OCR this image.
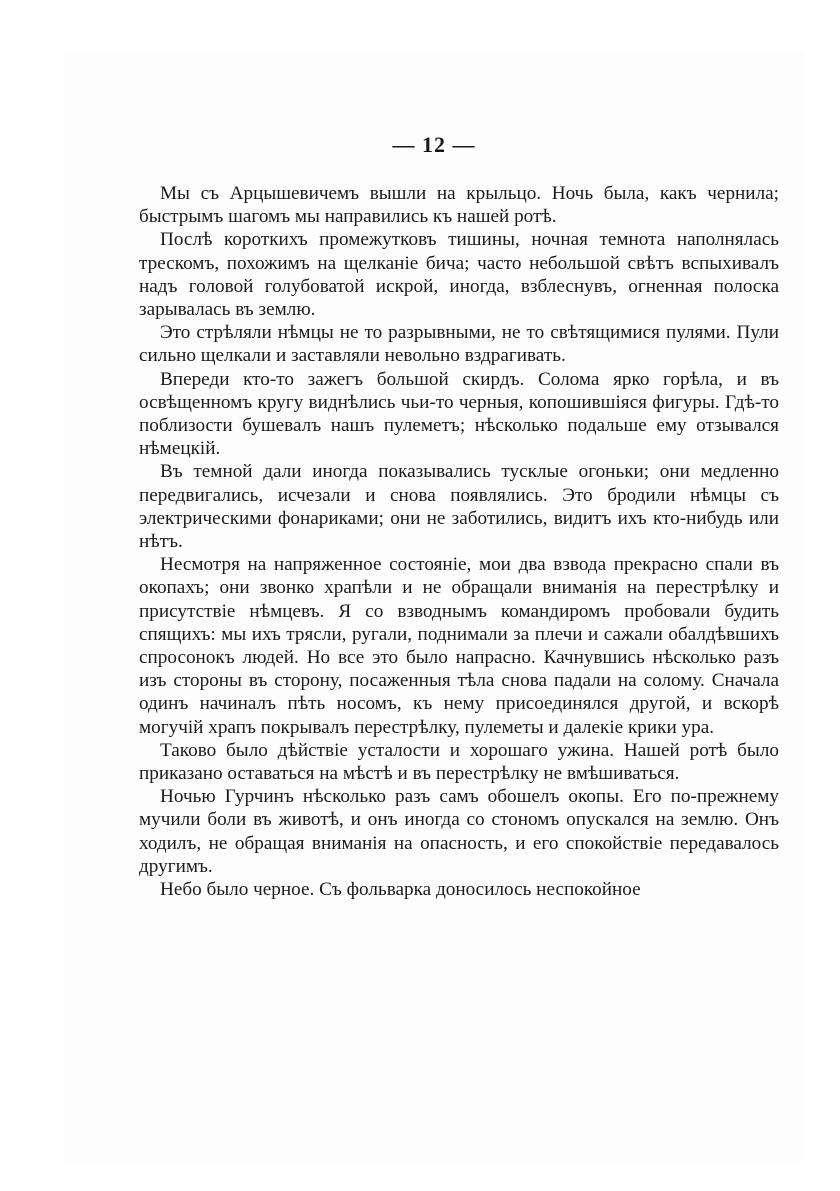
— 12 —

Мы съ Арцышевичемъ вышли на крыльцо. Ночь была, какъ чернила; быстрымъ шагомъ мы направились къ нашей ротѣ.

Послѣ короткихъ промежутковъ тишины, ночная темнота наполнялась трескомъ, похожимъ на щелканіе бича; часто небольшой свѣтъ вспыхивалъ надъ головой голубоватой искрой, иногда, взблеснувъ, огненная полоска зарывалась въ землю.

Это стрѣляли нѣмцы не то разрывными, не то свѣтящимися пулями. Пули сильно щелкали и заставляли невольно вздрагивать.

Впереди кто-то зажегъ большой скирдъ. Солома ярко горѣла, и въ освѣщенномъ кругу виднѣлись чьи-то черныя, копошившiяся фигуры. Гдѣ-то поблизости бушевалъ нашъ пулеметъ; нѣсколько подальше ему отзывался нѣмецкій.

Въ темной дали иногда показывались тусклые огоньки; они медленно передвигались, исчезали и снова появлялись. Это бродили нѣмцы съ электрическими фонариками; они не заботились, видитъ ихъ кто-нибудь или нѣтъ.

Несмотря на напряженное состояніе, мои два взвода прекрасно спали въ окопахъ; они звонко храпѣли и не обращали вниманія на перестрѣлку и присутствіе нѣмцевъ. Я со взводнымъ командиромъ пробовали будить спящихъ: мы ихъ трясли, ругали, поднимали за плечи и сажали обалдѣвшихъ спросонокъ людей. Но все это было напрасно. Качнувшись нѣсколько разъ изъ стороны въ сторону, посаженныя тѣла снова падали на солому. Сначала одинъ начиналъ пѣть носомъ, къ нему присоединялся другой, и вскорѣ могучій храпъ покрывалъ перестрѣлку, пулеметы и далекіе крики ура.

Таково было дѣйствіе усталости и хорошаго ужина. Нашей ротѣ было приказано оставаться на мѣстѣ и въ перестрѣлку не вмѣшиваться.

Ночью Гурчинъ нѣсколько разъ самъ обошелъ окопы. Его по-прежнему мучили боли въ животѣ, и онъ иногда со стономъ опускался на землю. Онъ ходилъ, не обращая вниманія на опасность, и его спокойствіе передавалось другимъ.

Небо было черное. Съ фольварка доносилось неспокойное
